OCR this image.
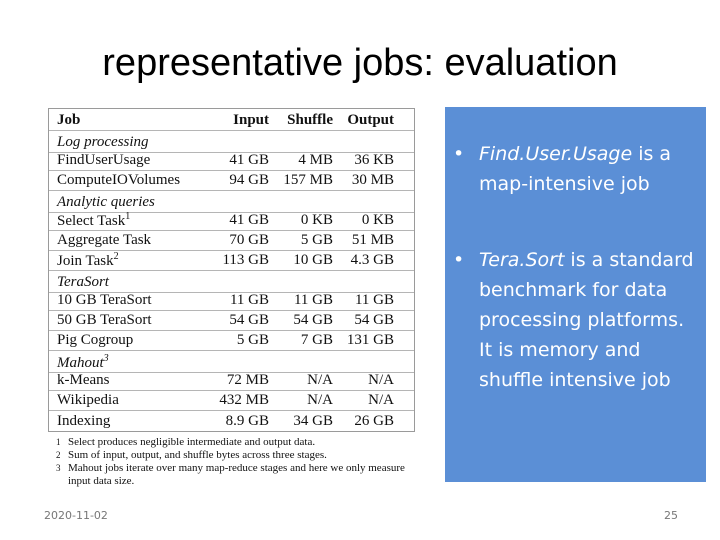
representative jobs: evaluation
Job	Input	Shuffle Output
Log processing
FindUserUsage	41 GB	4 MB	36 KB
ComputeIOVolumes	94 GB 157 MB	30 MB
Analytic queries
Select Task$^1$	41 GB	0 KB	0 KB
Aggregate Task	70 GB	5 GB	51 MB
Join Task$^2$	113 GB	10 GB	4.3 GB
TeraSort
10 GB TeraSort	11 GB	11 GB	11 GB
50 GB TeraSort	54 GB	54 GB	54 GB
Pig Cogroup	5 GB	7 GB 131 GB
Mahout$^3$
k-Means	72 MB	N/A	N/A
Wikipedia	432 MB	N/A	N/A
Indexing	8.9 GB	34 GB	26 GB
1 Select produces negligible intermediate and output data.
2 Sum of input, output, and shuffle bytes across three stages.
3 Mahout jobs iterate over many map-reduce stages and here we only measure input data size.
• Find.User.Usage is a map-intensive job
• Tera.Sort is a standard benchmark for data processing platforms. It is memory and shuffle intensive job
2020-11-02	25
